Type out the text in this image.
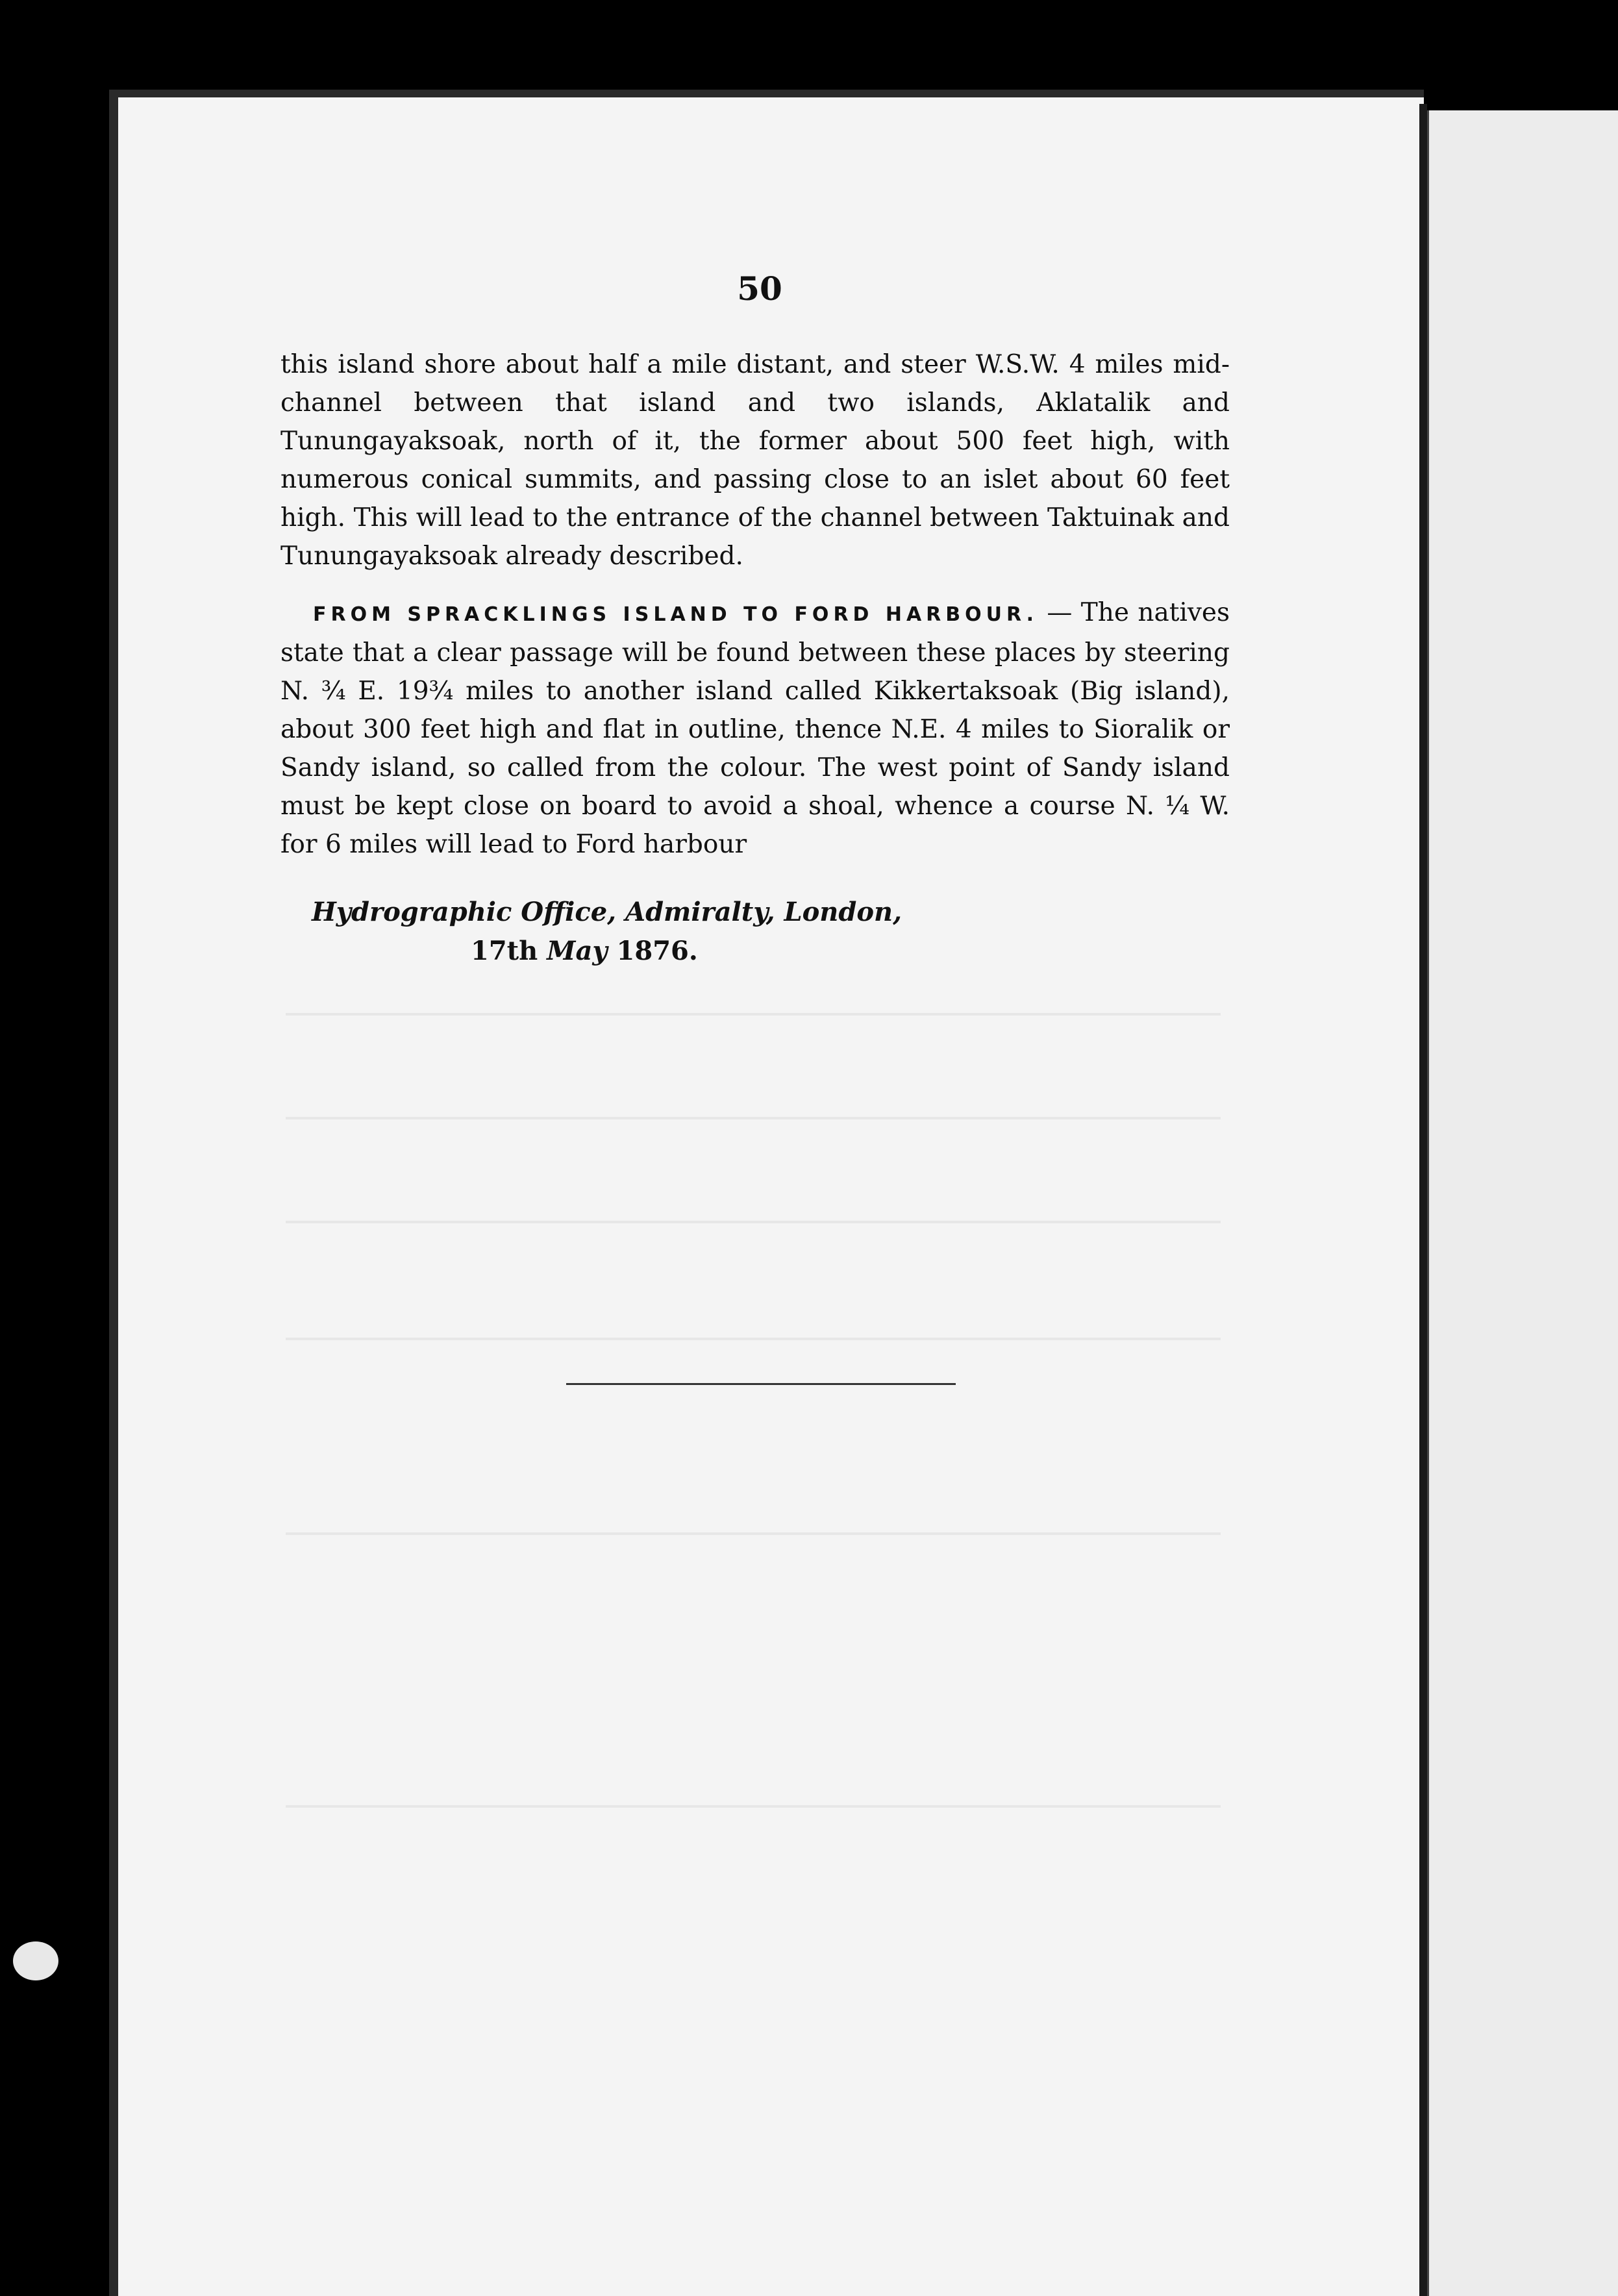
50

this island shore about half a mile distant, and steer W.S.W. 4 miles mid-channel between that island and two islands, Aklatalik and Tunungayaksoak, north of it, the former about 500 feet high, with numerous conical summits, and passing close to an islet about 60 feet high. This will lead to the entrance of the channel between Taktuinak and Tunungayaksoak already described.

FROM SPRACKLINGS ISLAND TO FORD HARBOUR. — The natives state that a clear passage will be found between these places by steering N. ¾ E. 19¾ miles to another island called Kikkertaksoak (Big island), about 300 feet high and flat in outline, thence N.E. 4 miles to Sioralik or Sandy island, so called from the colour. The west point of Sandy island must be kept close on board to avoid a shoal, whence a course N. ¼ W. for 6 miles will lead to Ford harbour

Hydrographic Office, Admiralty, London,
17th May 1876.
